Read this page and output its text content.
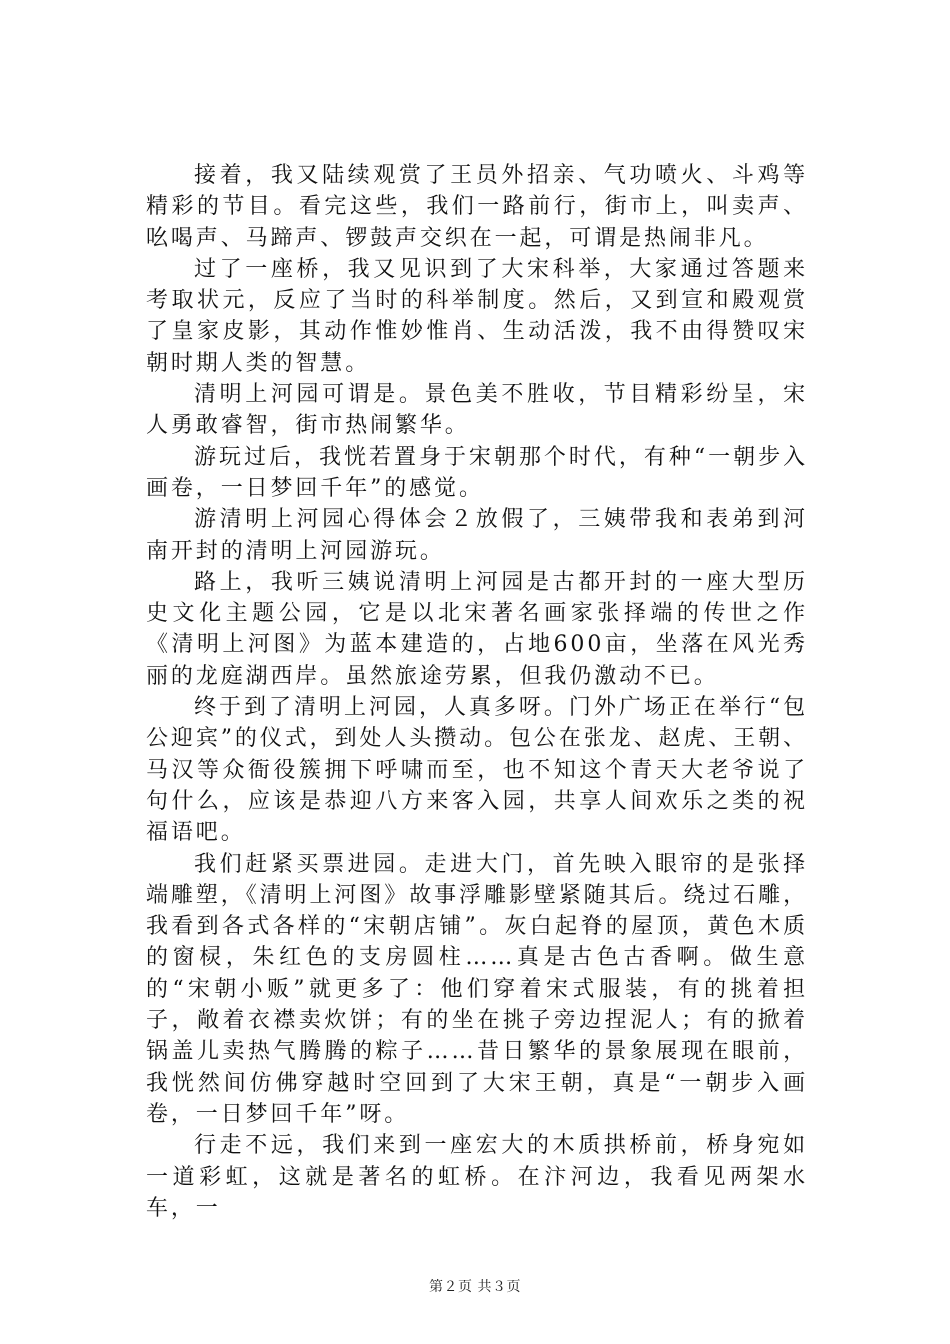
接着，我又陆续观赏了王员外招亲、气功喷火、斗鸡等精彩的节目。看完这些，我们一路前行，街市上，叫卖声、吆喝声、马蹄声、锣鼓声交织在一起，可谓是热闹非凡。

过了一座桥，我又见识到了大宋科举，大家通过答题来考取状元，反应了当时的科举制度。然后，又到宣和殿观赏了皇家皮影，其动作惟妙惟肖、生动活泼，我不由得赞叹宋朝时期人类的智慧。

清明上河园可谓是。景色美不胜收，节目精彩纷呈，宋人勇敢睿智，街市热闹繁华。

游玩过后，我恍若置身于宋朝那个时代，有种“一朝步入画卷，一日梦回千年”的感觉。

游清明上河园心得体会２放假了，三姨带我和表弟到河南开封的清明上河园游玩。

路上，我听三姨说清明上河园是古都开封的一座大型历史文化主题公园，它是以北宋著名画家张择端的传世之作《清明上河图》为蓝本建造的，占地600亩，坐落在风光秀丽的龙庭湖西岸。虽然旅途劳累，但我仍激动不已。

终于到了清明上河园，人真多呀。门外广场正在举行“包公迎宾”的仪式，到处人头攒动。包公在张龙、赵虎、王朝、马汉等众衙役簇拥下呼啸而至，也不知这个青天大老爷说了句什么，应该是恭迎八方来客入园，共享人间欢乐之类的祝福语吧。

我们赶紧买票进园。走进大门，首先映入眼帘的是张择端雕塑，《清明上河图》故事浮雕影壁紧随其后。绕过石雕，我看到各式各样的“宋朝店铺”。灰白起脊的屋顶，黄色木质的窗棂，朱红色的支房圆柱……真是古色古香啊。做生意的“宋朝小贩”就更多了：他们穿着宋式服装，有的挑着担子，敞着衣襟卖炊饼；有的坐在挑子旁边捏泥人；有的掀着锅盖儿卖热气腾腾的粽子……昔日繁华的景象展现在眼前，我恍然间仿佛穿越时空回到了大宋王朝，真是“一朝步入画卷，一日梦回千年”呀。

行走不远，我们来到一座宏大的木质拱桥前，桥身宛如一道彩虹，这就是著名的虹桥。在汴河边，我看见两架水车，一

第２页 共３页
